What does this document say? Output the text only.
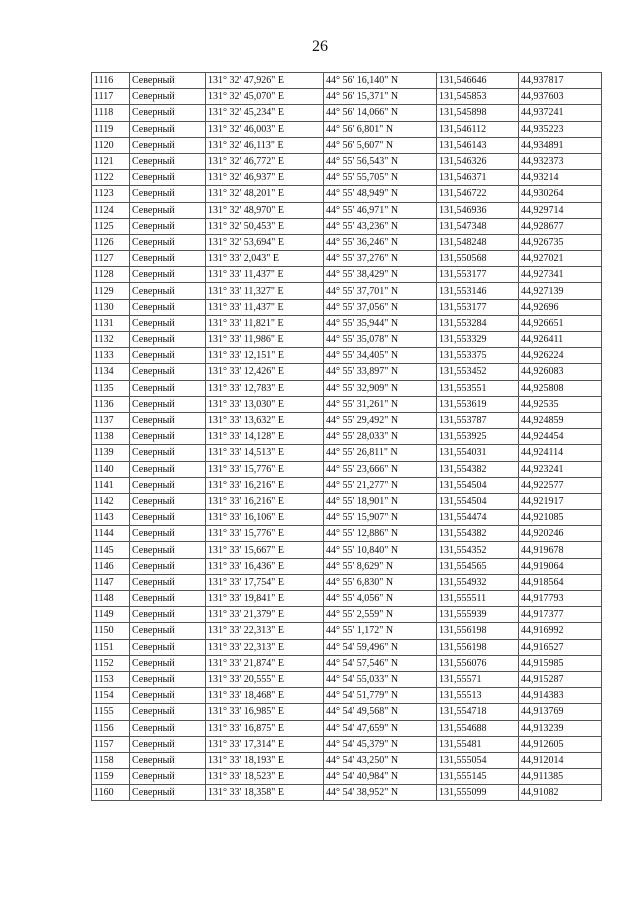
26
1116	Северный	131° 32' 47,926" E	44° 56' 16,140" N	131,546646	44,937817
1117	Северный	131° 32' 45,070" E	44° 56' 15,371" N	131,545853	44,937603
1118	Северный	131° 32' 45,234" E	44° 56' 14,066" N	131,545898	44,937241
1119	Северный	131° 32' 46,003" E	44° 56' 6,801" N	131,546112	44,935223
1120	Северный	131° 32' 46,113" E	44° 56' 5,607" N	131,546143	44,934891
1121	Северный	131° 32' 46,772" E	44° 55' 56,543" N	131,546326	44,932373
1122	Северный	131° 32' 46,937" E	44° 55' 55,705" N	131,546371	44,93214
1123	Северный	131° 32' 48,201" E	44° 55' 48,949" N	131,546722	44,930264
1124	Северный	131° 32' 48,970" E	44° 55' 46,971" N	131,546936	44,929714
1125	Северный	131° 32' 50,453" E	44° 55' 43,236" N	131,547348	44,928677
1126	Северный	131° 32' 53,694" E	44° 55' 36,246" N	131,548248	44,926735
1127	Северный	131° 33' 2,043" E	44° 55' 37,276" N	131,550568	44,927021
1128	Северный	131° 33' 11,437" E	44° 55' 38,429" N	131,553177	44,927341
1129	Северный	131° 33' 11,327" E	44° 55' 37,701" N	131,553146	44,927139
1130	Северный	131° 33' 11,437" E	44° 55' 37,056" N	131,553177	44,92696
1131	Северный	131° 33' 11,821" E	44° 55' 35,944" N	131,553284	44,926651
1132	Северный	131° 33' 11,986" E	44° 55' 35,078" N	131,553329	44,926411
1133	Северный	131° 33' 12,151" E	44° 55' 34,405" N	131,553375	44,926224
1134	Северный	131° 33' 12,426" E	44° 55' 33,897" N	131,553452	44,926083
1135	Северный	131° 33' 12,783" E	44° 55' 32,909" N	131,553551	44,925808
1136	Северный	131° 33' 13,030" E	44° 55' 31,261" N	131,553619	44,92535
1137	Северный	131° 33' 13,632" E	44° 55' 29,492" N	131,553787	44,924859
1138	Северный	131° 33' 14,128" E	44° 55' 28,033" N	131,553925	44,924454
1139	Северный	131° 33' 14,513" E	44° 55' 26,811" N	131,554031	44,924114
1140	Северный	131° 33' 15,776" E	44° 55' 23,666" N	131,554382	44,923241
1141	Северный	131° 33' 16,216" E	44° 55' 21,277" N	131,554504	44,922577
1142	Северный	131° 33' 16,216" E	44° 55' 18,901" N	131,554504	44,921917
1143	Северный	131° 33' 16,106" E	44° 55' 15,907" N	131,554474	44,921085
1144	Северный	131° 33' 15,776" E	44° 55' 12,886" N	131,554382	44,920246
1145	Северный	131° 33' 15,667" E	44° 55' 10,840" N	131,554352	44,919678
1146	Северный	131° 33' 16,436" E	44° 55' 8,629" N	131,554565	44,919064
1147	Северный	131° 33' 17,754" E	44° 55' 6,830" N	131,554932	44,918564
1148	Северный	131° 33' 19,841" E	44° 55' 4,056" N	131,555511	44,917793
1149	Северный	131° 33' 21,379" E	44° 55' 2,559" N	131,555939	44,917377
1150	Северный	131° 33' 22,313" E	44° 55' 1,172" N	131,556198	44,916992
1151	Северный	131° 33' 22,313" E	44° 54' 59,496" N	131,556198	44,916527
1152	Северный	131° 33' 21,874" E	44° 54' 57,546" N	131,556076	44,915985
1153	Северный	131° 33' 20,555" E	44° 54' 55,033" N	131,55571	44,915287
1154	Северный	131° 33' 18,468" E	44° 54' 51,779" N	131,55513	44,914383
1155	Северный	131° 33' 16,985" E	44° 54' 49,568" N	131,554718	44,913769
1156	Северный	131° 33' 16,875" E	44° 54' 47,659" N	131,554688	44,913239
1157	Северный	131° 33' 17,314" E	44° 54' 45,379" N	131,55481	44,912605
1158	Северный	131° 33' 18,193" E	44° 54' 43,250" N	131,555054	44,912014
1159	Северный	131° 33' 18,523" E	44° 54' 40,984" N	131,555145	44,911385
1160	Северный	131° 33' 18,358" E	44° 54' 38,952" N	131,555099	44,91082
